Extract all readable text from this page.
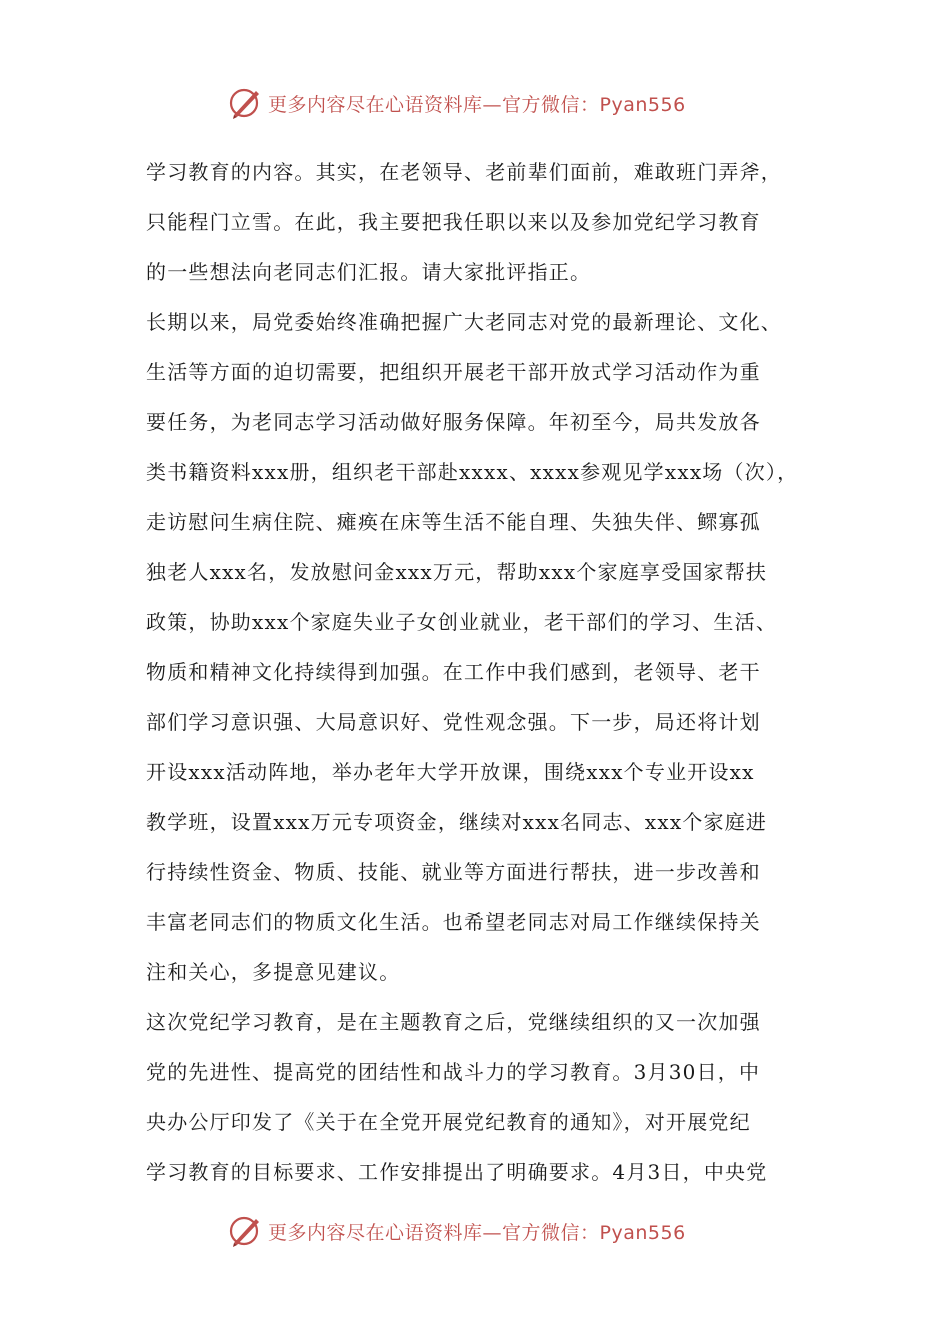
更多内容尽在心语资料库—官方微信：Pyan556
学习教育的内容。其实，在老领导、老前辈们面前，难敢班门弄斧，
只能程门立雪。在此，我主要把我任职以来以及参加党纪学习教育
的一些想法向老同志们汇报。请大家批评指正。
长期以来，局党委始终准确把握广大老同志对党的最新理论、文化、
生活等方面的迫切需要，把组织开展老干部开放式学习活动作为重
要任务，为老同志学习活动做好服务保障。年初至今，局共发放各
类书籍资料xxx册，组织老干部赴xxxx、xxxx参观见学xxx场（次），
走访慰问生病住院、瘫痪在床等生活不能自理、失独失伴、鳏寡孤
独老人xxx名，发放慰问金xxx万元，帮助xxx个家庭享受国家帮扶
政策，协助xxx个家庭失业子女创业就业，老干部们的学习、生活、
物质和精神文化持续得到加强。在工作中我们感到，老领导、老干
部们学习意识强、大局意识好、党性观念强。下一步，局还将计划
开设xxx活动阵地，举办老年大学开放课，围绕xxx个专业开设xx
教学班，设置xxx万元专项资金，继续对xxx名同志、xxx个家庭进
行持续性资金、物质、技能、就业等方面进行帮扶，进一步改善和
丰富老同志们的物质文化生活。也希望老同志对局工作继续保持关
注和关心，多提意见建议。
这次党纪学习教育，是在主题教育之后，党继续组织的又一次加强
党的先进性、提高党的团结性和战斗力的学习教育。3月30日，中
央办公厅印发了《关于在全党开展党纪教育的通知》，对开展党纪
学习教育的目标要求、工作安排提出了明确要求。4月3日，中央党
更多内容尽在心语资料库—官方微信：Pyan556
